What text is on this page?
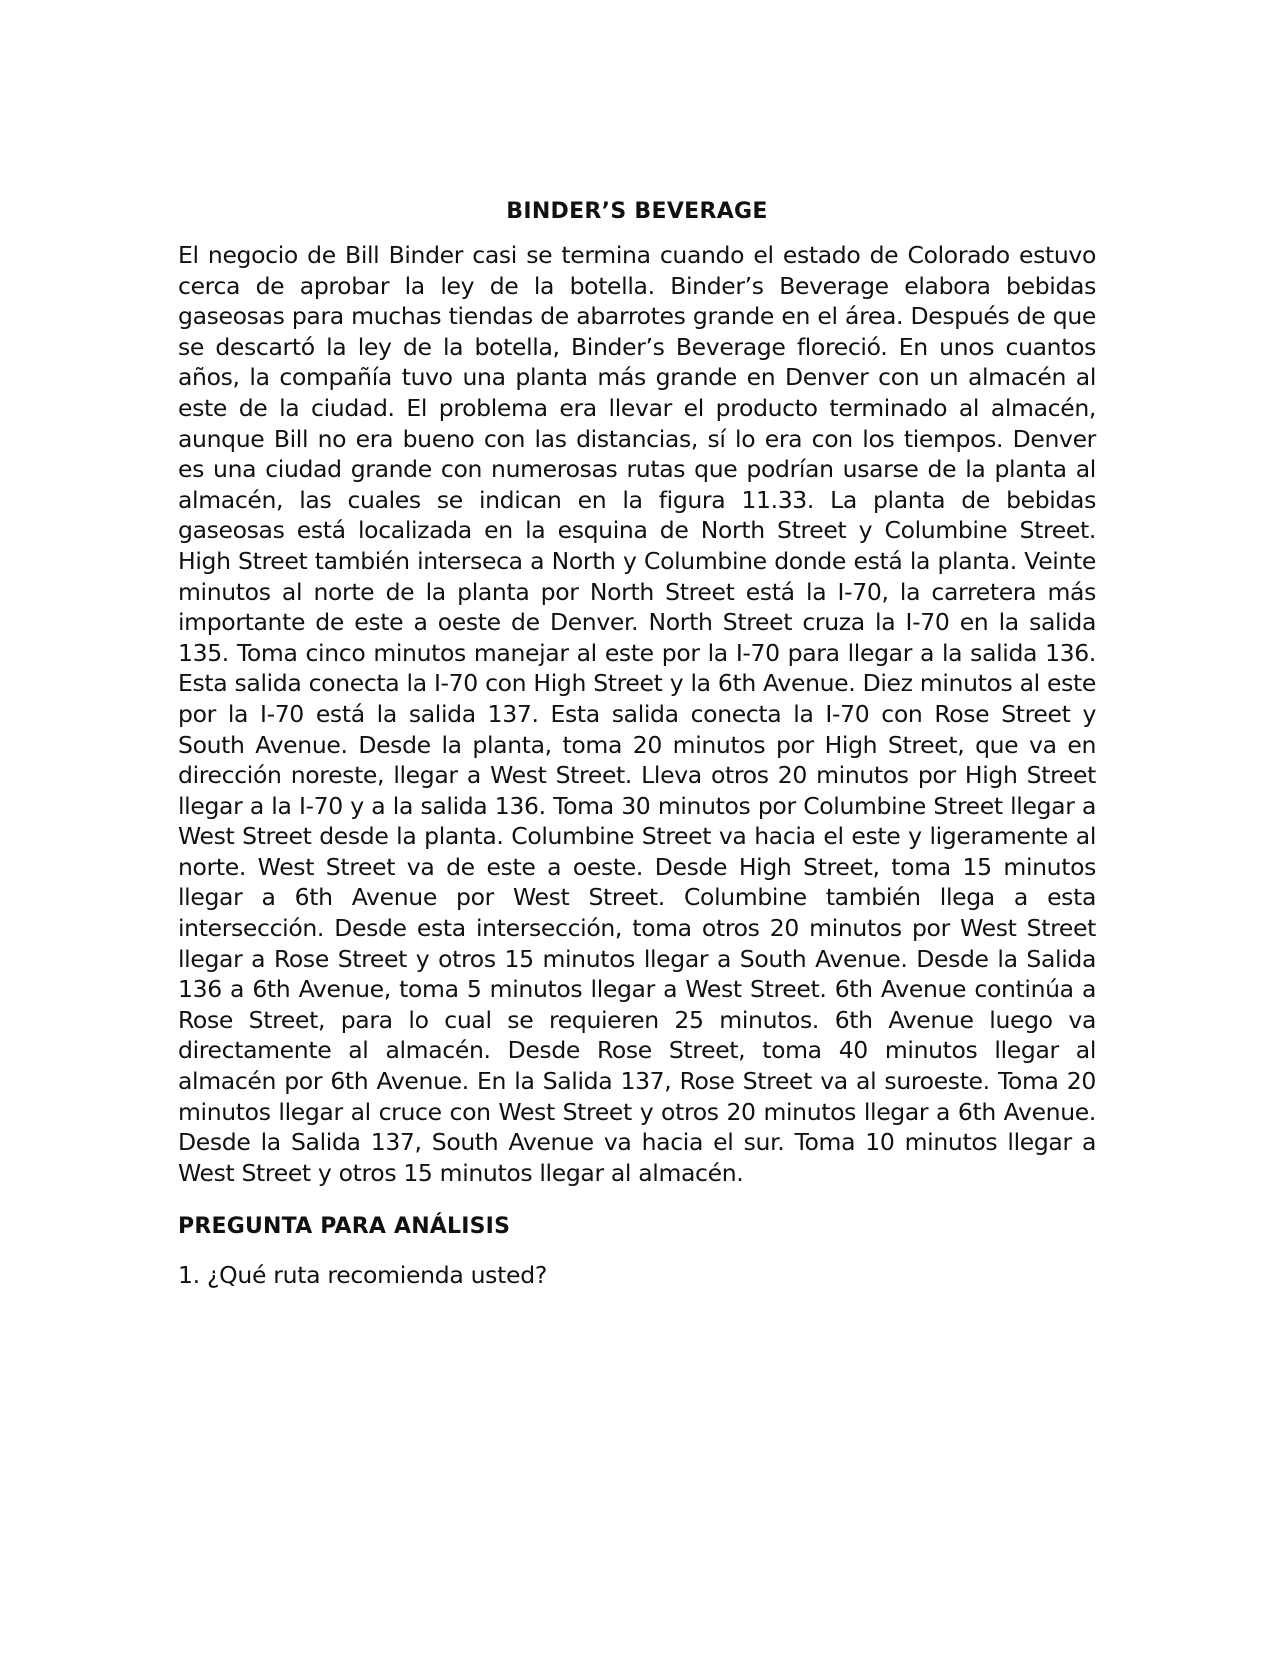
BINDER’S BEVERAGE

El negocio de Bill Binder casi se termina cuando el estado de Colorado estuvo cerca de aprobar la ley de la botella. Binder’s Beverage elabora bebidas gaseosas para muchas tiendas de abarrotes grande en el área. Después de que se descartó la ley de la botella, Binder’s Beverage floreció. En unos cuantos años, la compañía tuvo una planta más grande en Denver con un almacén al este de la ciudad. El problema era llevar el producto terminado al almacén, aunque Bill no era bueno con las distancias, sí lo era con los tiempos. Denver es una ciudad grande con numerosas rutas que podrían usarse de la planta al almacén, las cuales se indican en la figura 11.33. La planta de bebidas gaseosas está localizada en la esquina de North Street y Columbine Street. High Street también interseca a North y Columbine donde está la planta. Veinte minutos al norte de la planta por North Street está la I-70, la carretera más importante de este a oeste de Denver. North Street cruza la I-70 en la salida 135. Toma cinco minutos manejar al este por la I-70 para llegar a la salida 136. Esta salida conecta la I-70 con High Street y la 6th Avenue. Diez minutos al este por la I-70 está la salida 137. Esta salida conecta la I-70 con Rose Street y South Avenue. Desde la planta, toma 20 minutos por High Street, que va en dirección noreste, llegar a West Street. Lleva otros 20 minutos por High Street llegar a la I-70 y a la salida 136. Toma 30 minutos por Columbine Street llegar a West Street desde la planta. Columbine Street va hacia el este y ligeramente al norte. West Street va de este a oeste. Desde High Street, toma 15 minutos llegar a 6th Avenue por West Street. Columbine también llega a esta intersección. Desde esta intersección, toma otros 20 minutos por West Street llegar a Rose Street y otros 15 minutos llegar a South Avenue. Desde la Salida 136 a 6th Avenue, toma 5 minutos llegar a West Street. 6th Avenue continúa a Rose Street, para lo cual se requieren 25 minutos. 6th Avenue luego va directamente al almacén. Desde Rose Street, toma 40 minutos llegar al almacén por 6th Avenue. En la Salida 137, Rose Street va al suroeste. Toma 20 minutos llegar al cruce con West Street y otros 20 minutos llegar a 6th Avenue. Desde la Salida 137, South Avenue va hacia el sur. Toma 10 minutos llegar a West Street y otros 15 minutos llegar al almacén.

PREGUNTA PARA ANÁLISIS

1. ¿Qué ruta recomienda usted?
